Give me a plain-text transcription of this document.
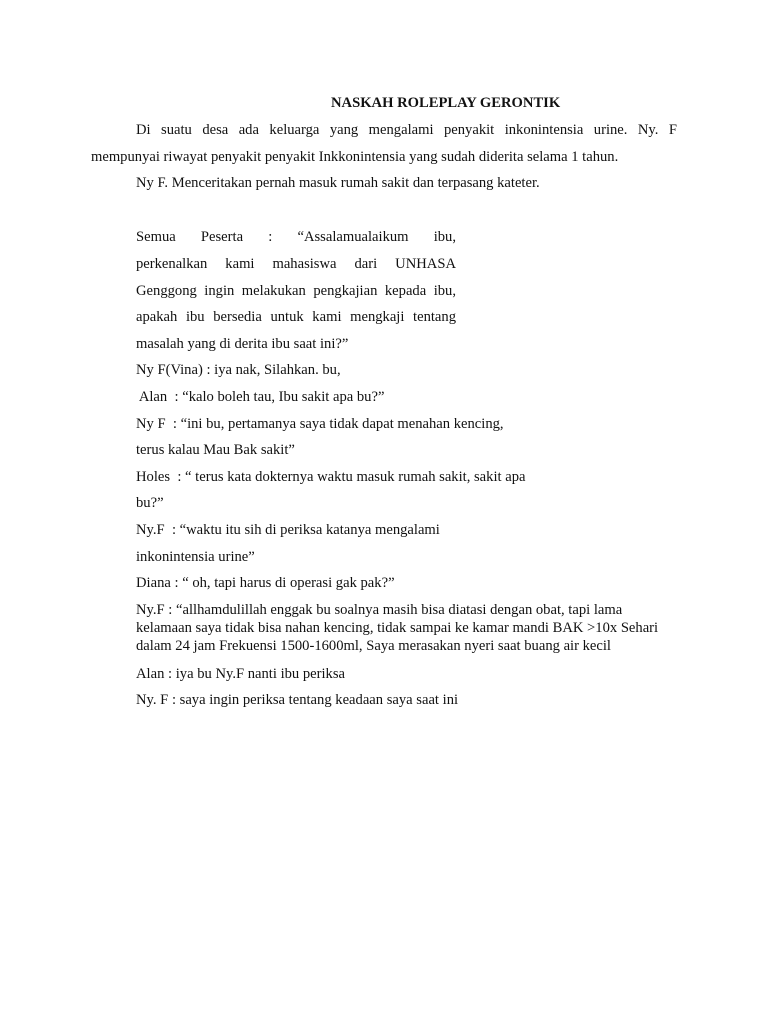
NASKAH ROLEPLAY GERONTIK
Di suatu desa ada keluarga yang mengalami penyakit inkonintensia urine. Ny. F
mempunyai riwayat penyakit penyakit Inkkonintensia yang sudah diderita selama 1 tahun.
Ny F. Menceritakan pernah masuk rumah sakit dan terpasang kateter.
Semua Peserta : “Assalamualaikum ibu,
perkenalkan kami mahasiswa dari UNHASA
Genggong ingin melakukan pengkajian kepada ibu,
apakah ibu bersedia untuk kami mengkaji tentang
masalah yang di derita ibu saat ini?”
Ny F(Vina) : iya nak, Silahkan. bu,
Alan  : “kalo boleh tau, Ibu sakit apa bu?”
Ny F  : “ini bu, pertamanya saya tidak dapat menahan kencing,
terus kalau Mau Bak sakit”
Holes  : “ terus kata dokternya waktu masuk rumah sakit, sakit apa
bu?”
Ny.F  : “waktu itu sih di periksa katanya mengalami
inkonintensia urine”
Diana : “ oh, tapi harus di operasi gak pak?”
Ny.F : “allhamdulillah enggak bu soalnya masih bisa diatasi dengan obat, tapi lama kelamaan saya tidak bisa nahan kencing, tidak sampai ke kamar mandi BAK >10x Sehari dalam 24 jam Frekuensi 1500-1600ml, Saya merasakan nyeri saat buang air kecil
Alan : iya bu Ny.F nanti ibu periksa
Ny. F : saya ingin periksa tentang keadaan saya saat ini
